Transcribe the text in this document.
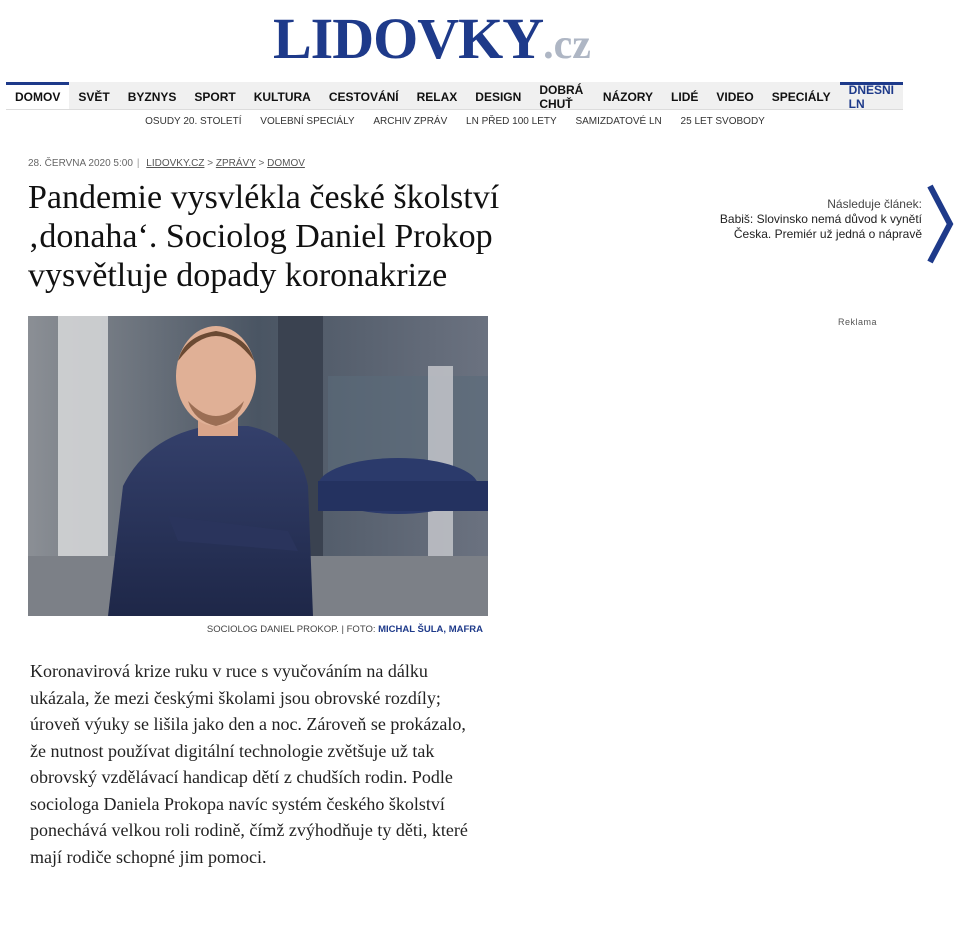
LIDOVKY.cz
DOMOV	SVĚT	BYZNYS	SPORT	KULTURA	CESTOVÁNÍ	RELAX	DESIGN	DOBRÁ CHUŤ	NÁZORY	LIDÉ	VIDEO	SPECIÁLY	DNEŠNÍ LN
OSUDY 20. STOLETÍ VOLEBNÍ SPECIÁLY ARCHIV ZPRÁV LN PŘED 100 LETY SAMIZDATOVÉ LN 25 LET SVOBODY
28. ČERVNA 2020 5:00 | LIDOVKY.CZ > ZPRÁVY > DOMOV
Pandemie vysvlékla české školství ‚donaha‘. Sociolog Daniel Prokop vysvětluje dopady koronakrize
SOCIOLOG DANIEL PROKOP. | FOTO: MICHAL ŠULA, MAFRA

Koronavirová krize ruku v ruce s vyučováním na dálku ukázala, že mezi českými školami jsou obrovské rozdíly; úroveň výuky se lišila jako den a noc. Zároveň se prokázalo, že nutnost používat digitální technologie zvětšuje už tak obrovský vzdělávací handicap dětí z chudších rodin. Podle sociologa Daniela Prokopa navíc systém českého školství ponechává velkou roli rodině, čímž zvýhodňuje ty děti, které mají rodiče schopné jim pomoci.

Následuje článek:
Babiš: Slovinsko nemá důvod k vynětí Česka. Premiér už jedná o nápravě
Reklama
